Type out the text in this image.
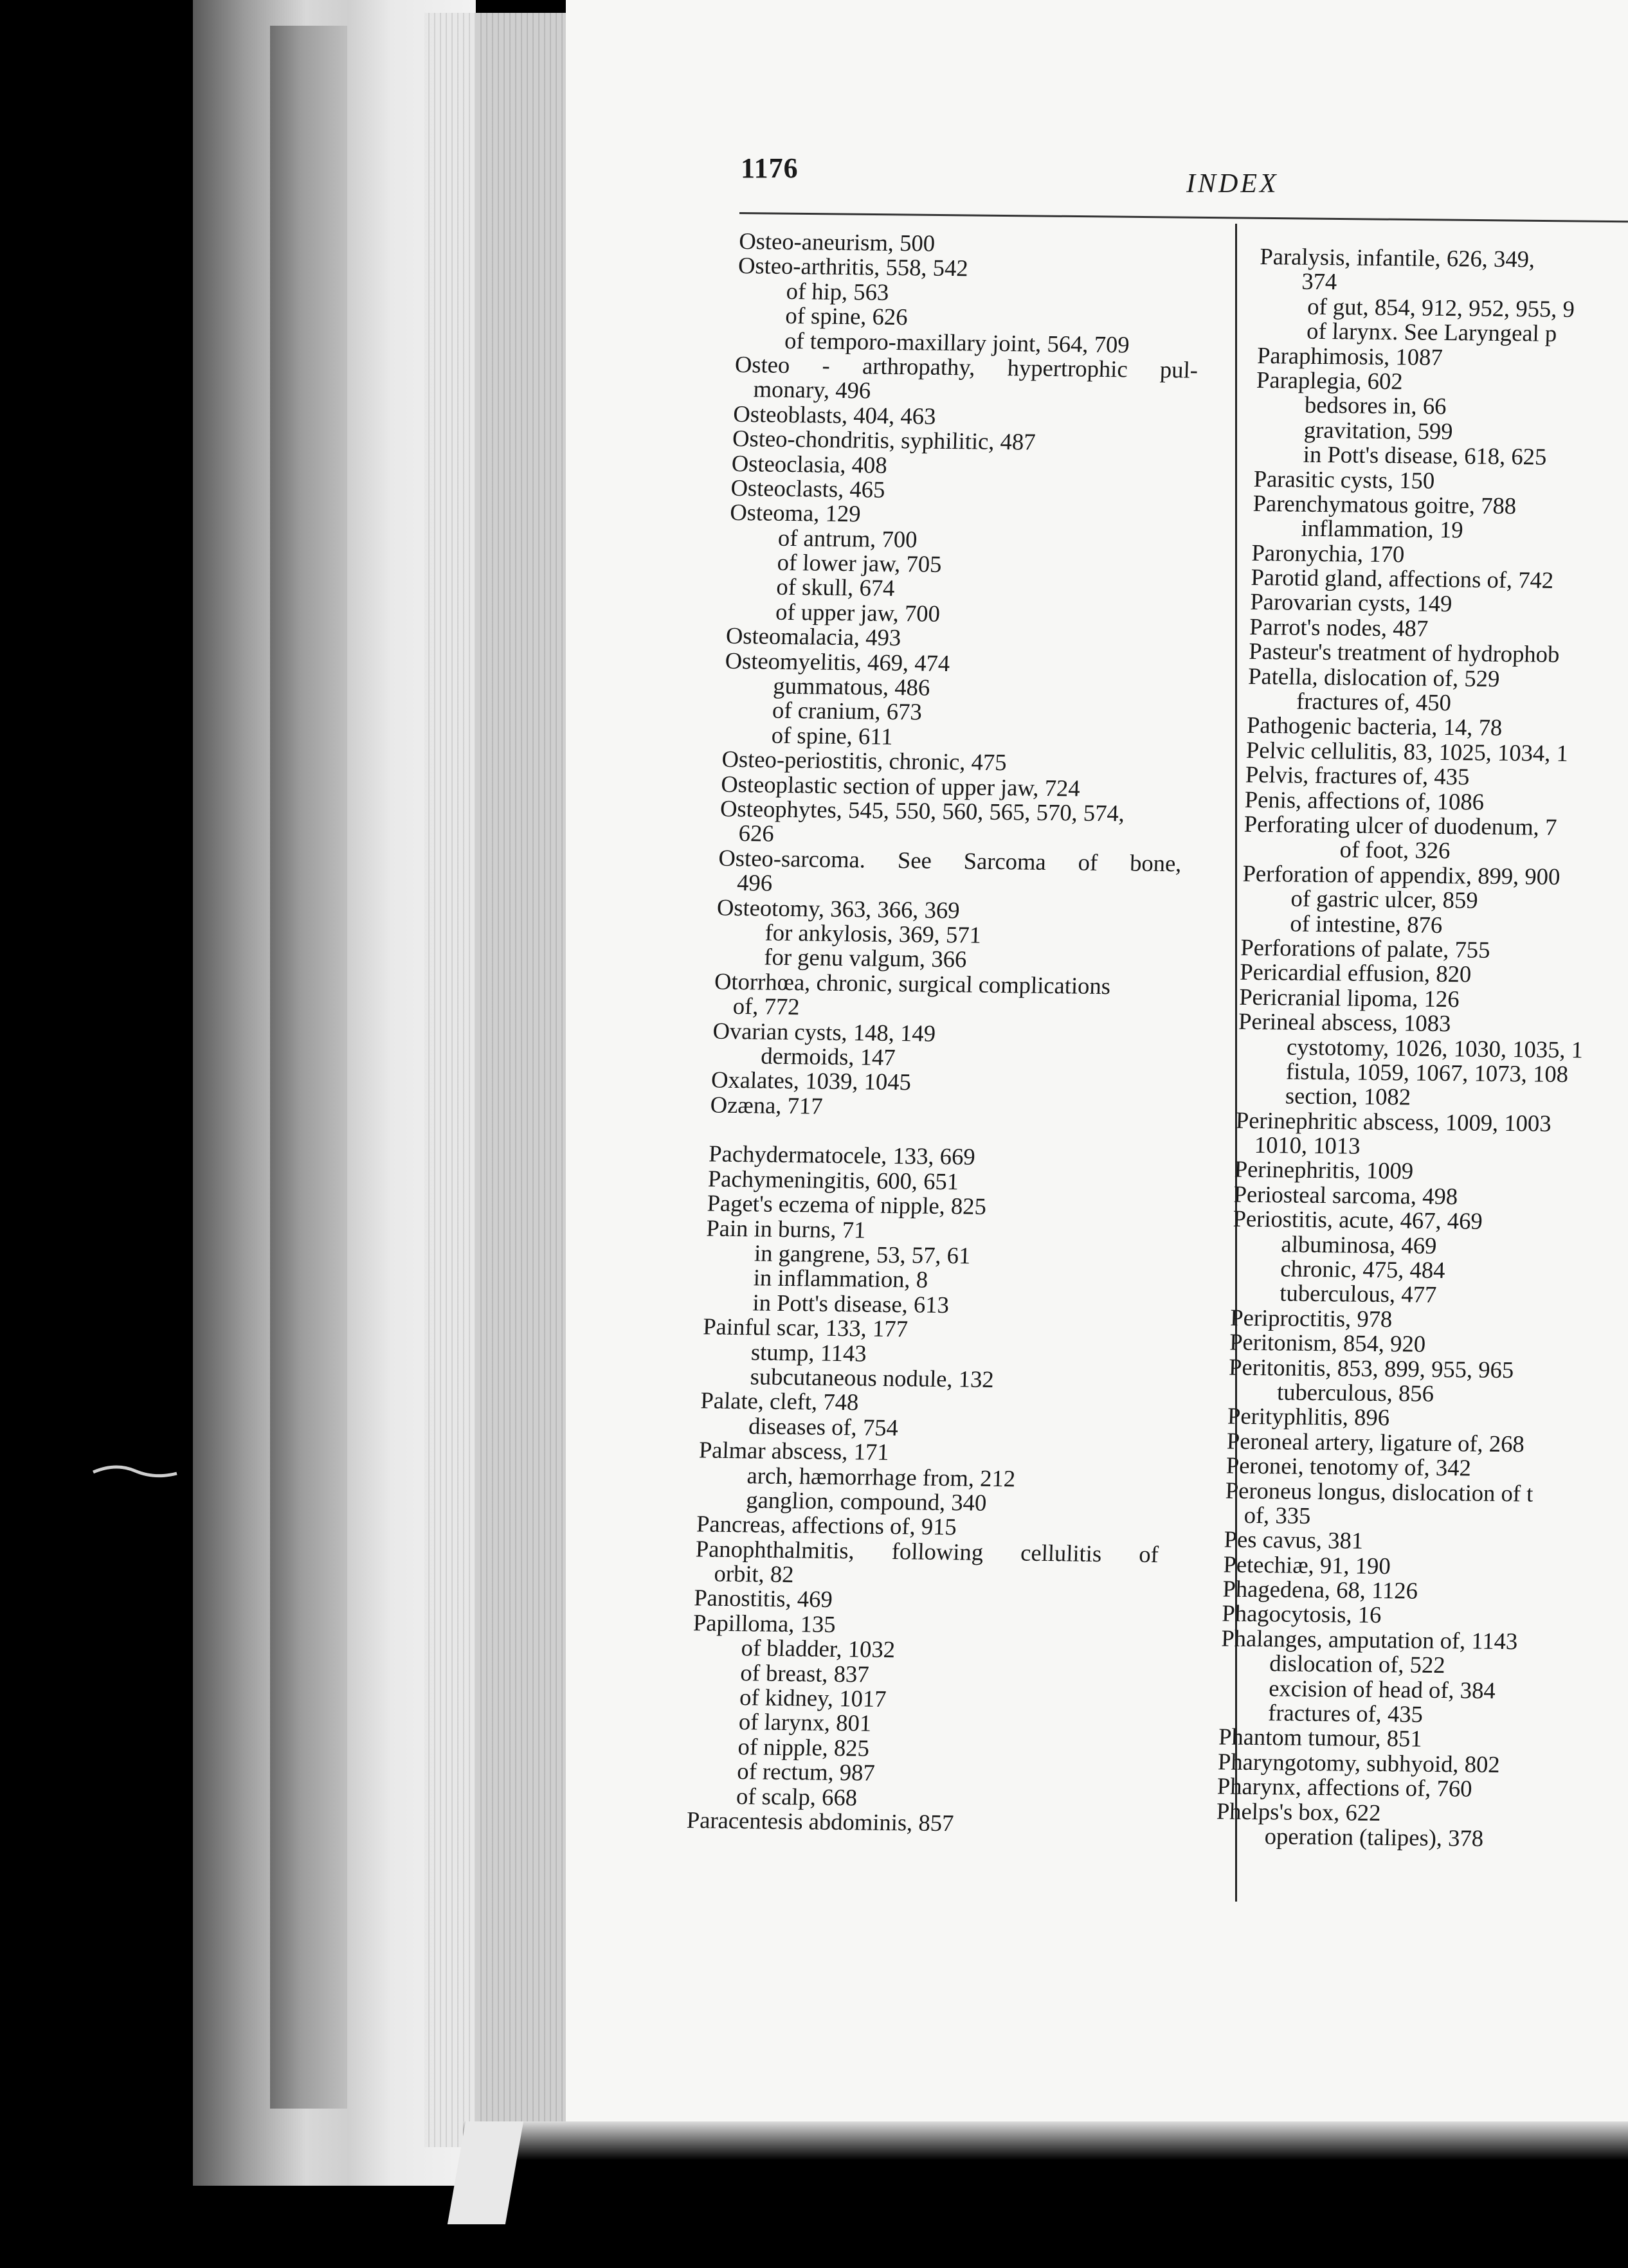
1176	INDEX
Osteo-aneurism, 500
Osteo-arthritis, 558, 542
of hip, 563
of spine, 626
of temporo-maxillary joint, 564, 709
Osteo - arthropathy, hypertrophic pul-
monary, 496
Osteoblasts, 404, 463
Osteo-chondritis, syphilitic, 487
Osteoclasia, 408
Osteoclasts, 465
Osteoma, 129
of antrum, 700
of lower jaw, 705
of skull, 674
of upper jaw, 700
Osteomalacia, 493
Osteomyelitis, 469, 474
gummatous, 486
of cranium, 673
of spine, 611
Osteo-periostitis, chronic, 475
Osteoplastic section of upper jaw, 724
Osteophytes, 545, 550, 560, 565, 570, 574,
626
Osteo-sarcoma. See Sarcoma of bone,
496
Osteotomy, 363, 366, 369
for ankylosis, 369, 571
for genu valgum, 366
Otorrhœa, chronic, surgical complications
of, 772
Ovarian cysts, 148, 149
dermoids, 147
Oxalates, 1039, 1045
Ozæna, 717
Pachydermatocele, 133, 669
Pachymeningitis, 600, 651
Paget's eczema of nipple, 825
Pain in burns, 71
in gangrene, 53, 57, 61
in inflammation, 8
in Pott's disease, 613
Painful scar, 133, 177
stump, 1143
subcutaneous nodule, 132
Palate, cleft, 748
diseases of, 754
Palmar abscess, 171
arch, hæmorrhage from, 212
ganglion, compound, 340
Pancreas, affections of, 915
Panophthalmitis, following cellulitis of
orbit, 82
Panostitis, 469
Papilloma, 135
of bladder, 1032
of breast, 837
of kidney, 1017
of larynx, 801
of nipple, 825
of rectum, 987
of scalp, 668
Paracentesis abdominis, 857
Paralysis, infantile, 626, 349,
374
of gut, 854, 912, 952, 955, 9
of larynx. See Laryngeal p
Paraphimosis, 1087
Paraplegia, 602
bedsores in, 66
gravitation, 599
in Pott's disease, 618, 625
Parasitic cysts, 150
Parenchymatous goitre, 788
inflammation, 19
Paronychia, 170
Parotid gland, affections of, 742
Parovarian cysts, 149
Parrot's nodes, 487
Pasteur's treatment of hydrophob
Patella, dislocation of, 529
fractures of, 450
Pathogenic bacteria, 14, 78
Pelvic cellulitis, 83, 1025, 1034, 1
Pelvis, fractures of, 435
Penis, affections of, 1086
Perforating ulcer of duodenum, 7
of foot, 326
Perforation of appendix, 899, 900
of gastric ulcer, 859
of intestine, 876
Perforations of palate, 755
Pericardial effusion, 820
Pericranial lipoma, 126
Perineal abscess, 1083
cystotomy, 1026, 1030, 1035, 1
fistula, 1059, 1067, 1073, 108
section, 1082
Perinephritic abscess, 1009, 1003
1010, 1013
Perinephritis, 1009
Periosteal sarcoma, 498
Periostitis, acute, 467, 469
albuminosa, 469
chronic, 475, 484
tuberculous, 477
Periproctitis, 978
Peritonism, 854, 920
Peritonitis, 853, 899, 955, 965
tuberculous, 856
Perityphlitis, 896
Peroneal artery, ligature of, 268
Peronei, tenotomy of, 342
Peroneus longus, dislocation of t
of, 335
Pes cavus, 381
Petechiæ, 91, 190
Phagedena, 68, 1126
Phagocytosis, 16
Phalanges, amputation of, 1143
dislocation of, 522
excision of head of, 384
fractures of, 435
Phantom tumour, 851
Pharyngotomy, subhyoid, 802
Pharynx, affections of, 760
Phelps's box, 622
operation (talipes), 378
